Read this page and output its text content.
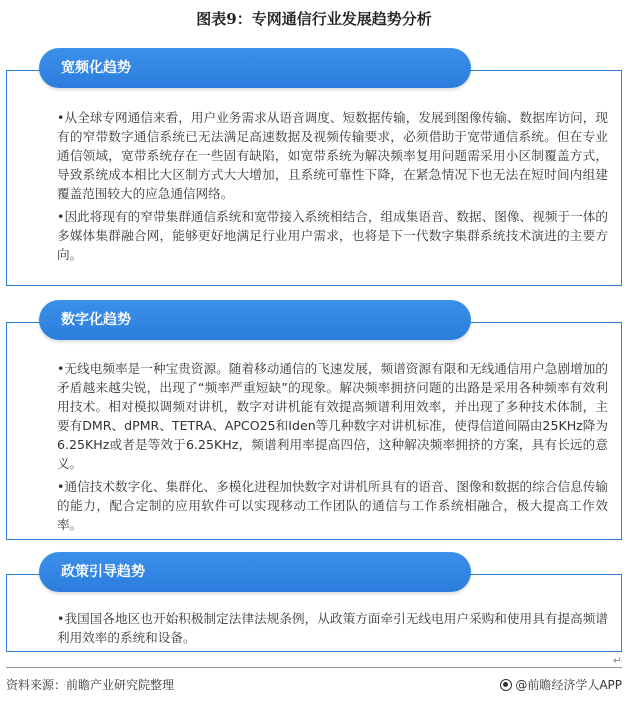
图表9：专网通信行业发展趋势分析
宽频化趋势

•从全球专网通信来看，用户业务需求从语音调度、短数据传输，发展到图像传输、数据库访问，现有的窄带数字通信系统已无法满足高速数据及视频传输要求，必须借助于宽带通信系统。但在专业通信领域，宽带系统存在一些固有缺陷，如宽带系统为解决频率复用问题需采用小区制覆盖方式，导致系统成本相比大区制方式大大增加，且系统可靠性下降，在紧急情况下也无法在短时间内组建覆盖范围较大的应急通信网络。

•因此将现有的窄带集群通信系统和宽带接入系统相结合，组成集语音、数据、图像、视频于一体的多媒体集群融合网，能够更好地满足行业用户需求，也将是下一代数字集群系统技术演进的主要方向。

数字化趋势

•无线电频率是一种宝贵资源。随着移动通信的飞速发展，频谱资源有限和无线通信用户急剧增加的矛盾越来越尖锐，出现了“频率严重短缺”的现象。解决频率拥挤问题的出路是采用各种频率有效利用技术。相对模拟调频对讲机，数字对讲机能有效提高频谱利用效率，并出现了多种技术体制，主要有DMR、dPMR、TETRA、APCO25和Iden等几种数字对讲机标准，使得信道间隔由25KHz降为6.25KHz或者是等效于6.25KHz，频谱利用率提高四倍，这种解决频率拥挤的方案，具有长远的意义。

•通信技术数字化、集群化、多模化进程加快数字对讲机所具有的语音、图像和数据的综合信息传输的能力，配合定制的应用软件可以实现移动工作团队的通信与工作系统相融合，极大提高工作效率。

政策引导趋势

•我国国各地区也开始积极制定法律法规条例，从政策方面牵引无线电用户采购和使用具有提高频谱利用效率的系统和设备。

↵
资料来源：前瞻产业研究院整理	@前瞻经济学人APP
